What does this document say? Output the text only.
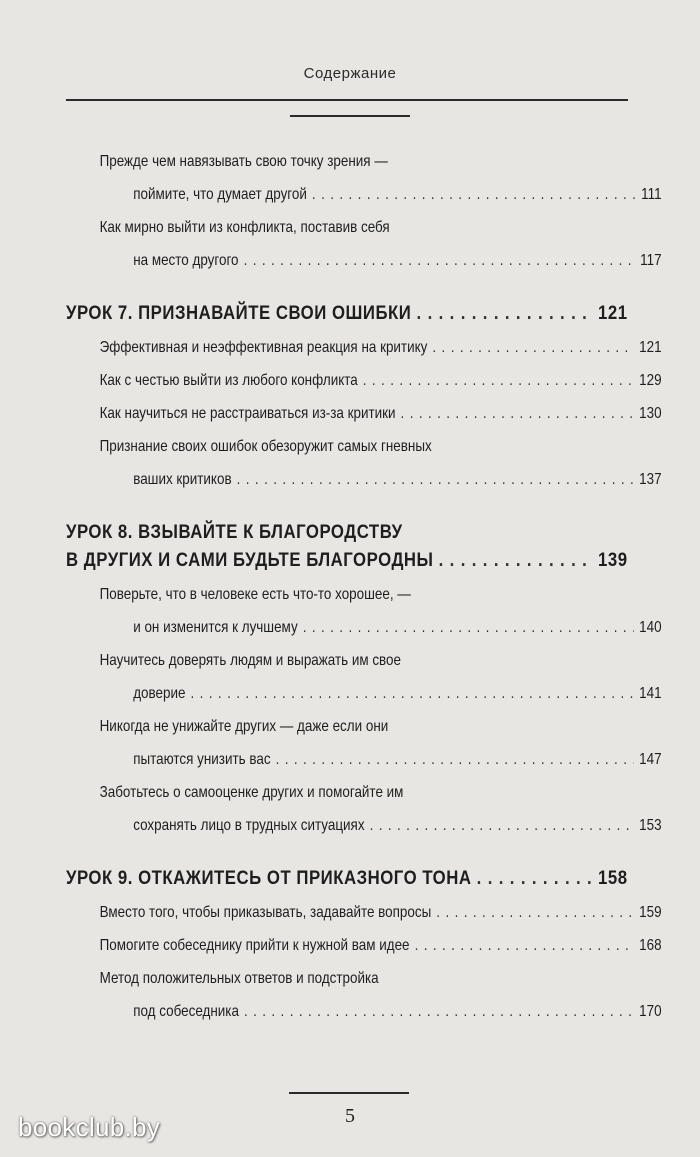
Содержание
Прежде чем навязывать свою точку зрения —
поймите, что думает другой . . .	111
Как мирно выйти из конфликта, поставив себя
на место другого . . .	117
УРОК 7. ПРИЗНАВАЙТЕ СВОИ ОШИБКИ . . .	121
Эффективная и неэффективная реакция на критику . . .	121
Как с честью выйти из любого конфликта . . .	129
Как научиться не расстраиваться из-за критики . . .	130
Признание своих ошибок обезоружит самых гневных
ваших критиков . . .	137
УРОК 8. ВЗЫВАЙТЕ К БЛАГОРОДСТВУ
В ДРУГИХ И САМИ БУДЬТЕ БЛАГОРОДНЫ . . .	139
Поверьте, что в человеке есть что-то хорошее, —
и он изменится к лучшему . . .	140
Научитесь доверять людям и выражать им свое
доверие . . .	141
Никогда не унижайте других — даже если они
пытаются унизить вас . . .	147
Заботьтесь о самооценке других и помогайте им
сохранять лицо в трудных ситуациях . . .	153
УРОК 9. ОТКАЖИТЕСЬ ОТ ПРИКАЗНОГО ТОНА . . .	158
Вместо того, чтобы приказывать, задавайте вопросы . . .	159
Помогите собеседнику прийти к нужной вам идее . . .	168
Метод положительных ответов и подстройка
под собеседника . . .	170
5
bookclub.by
